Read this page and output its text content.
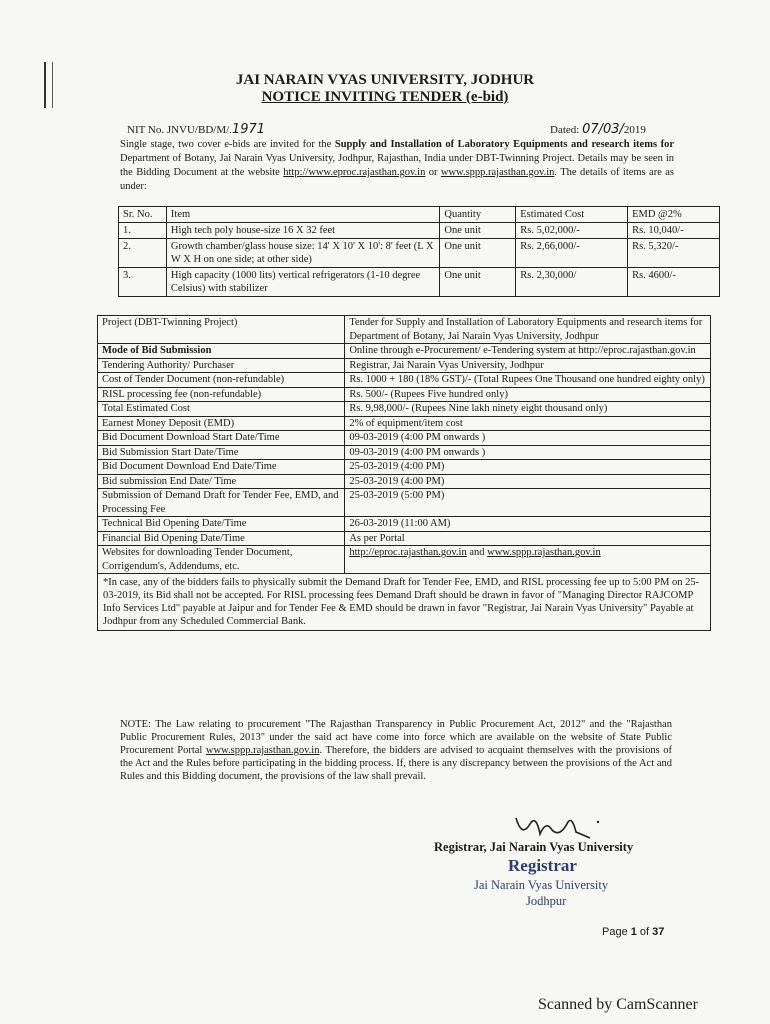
JAI NARAIN VYAS UNIVERSITY, JODHUR
NOTICE INVITING TENDER (e-bid)
NIT No. JNVU/BD/M/.1971	Dated: 07/03/2019
Single stage, two cover e-bids are invited for the Supply and Installation of Laboratory Equipments and research items for Department of Botany, Jai Narain Vyas University, Jodhpur, Rajasthan, India under DBT-Twinning Project. Details may be seen in the Bidding Document at the website http://www.eproc.rajasthan.gov.in or www.sppp.rajasthan.gov.in. The details of items are as under:
Sr. No.	Item	Quantity	Estimated Cost	EMD @2%
1.	High tech poly house-size 16 X 32 feet	One unit	Rs. 5,02,000/-	Rs. 10,040/-
2.	Growth chamber/glass house size: 14' X 10' X 10': 8' feet (L X W X H on one side; at other side)	One unit	Rs. 2,66,000/-	Rs. 5,320/-
3.	High capacity (1000 lits) vertical refrigerators (1-10 degree Celsius) with stabilizer	One unit	Rs. 2,30,000/	Rs. 4600/-
Project (DBT-Twinning Project)	Tender for Supply and Installation of Laboratory Equipments and research items for Department of Botany, Jai Narain Vyas University, Jodhpur
Mode of Bid Submission	Online through e-Procurement/ e-Tendering system at http://eproc.rajasthan.gov.in
Tendering Authority/ Purchaser	Registrar, Jai Narain Vyas University, Jodhpur
Cost of Tender Document (non-refundable)	Rs. 1000 + 180 (18% GST)/- (Total Rupees One Thousand one hundred eighty only)
RISL processing fee (non-refundable)	Rs. 500/- (Rupees Five hundred only)
Total Estimated Cost	Rs. 9,98,000/- (Rupees Nine lakh ninety eight thousand only)
Earnest Money Deposit (EMD)	2% of equipment/item cost
Bid Document Download Start Date/Time	09-03-2019 (4:00 PM onwards )
Bid Submission Start Date/Time	09-03-2019 (4:00 PM onwards )
Bid Document Download End Date/Time	25-03-2019 (4:00 PM)
Bid submission End Date/ Time	25-03-2019 (4:00 PM)
Submission of Demand Draft for Tender Fee, EMD, and Processing Fee	25-03-2019 (5:00 PM)
Technical Bid Opening Date/Time	26-03-2019 (11:00 AM)
Financial Bid Opening Date/Time	As per Portal
Websites for downloading Tender Document, Corrigendum's, Addendums, etc.	http://eproc.rajasthan.gov.in and www.sppp.rajasthan.gov.in
*In case, any of the bidders fails to physically submit the Demand Draft for Tender Fee, EMD, and RISL processing fee up to 5:00 PM on 25-03-2019, its Bid shall not be accepted. For RISL processing fees Demand Draft should be drawn in favor of "Managing Director RAJCOMP Info Services Ltd" payable at Jaipur and for Tender Fee & EMD should be drawn in favor "Registrar, Jai Narain Vyas University" Payable at Jodhpur from any Scheduled Commercial Bank.	
NOTE: The Law relating to procurement "The Rajasthan Transparency in Public Procurement Act, 2012" and the "Rajasthan Public Procurement Rules, 2013" under the said act have come into force which are available on the website of State Public Procurement Portal www.sppp.rajasthan.gov.in. Therefore, the bidders are advised to acquaint themselves with the provisions of the Act and the Rules before participating in the bidding process. If, there is any discrepancy between the provisions of the Act and Rules and this Bidding document, the provisions of the law shall prevail.
Registrar, Jai Narain Vyas University
Registrar
Jai Narain Vyas University
Jodhpur
Page 1 of 37
Scanned by CamScanner
